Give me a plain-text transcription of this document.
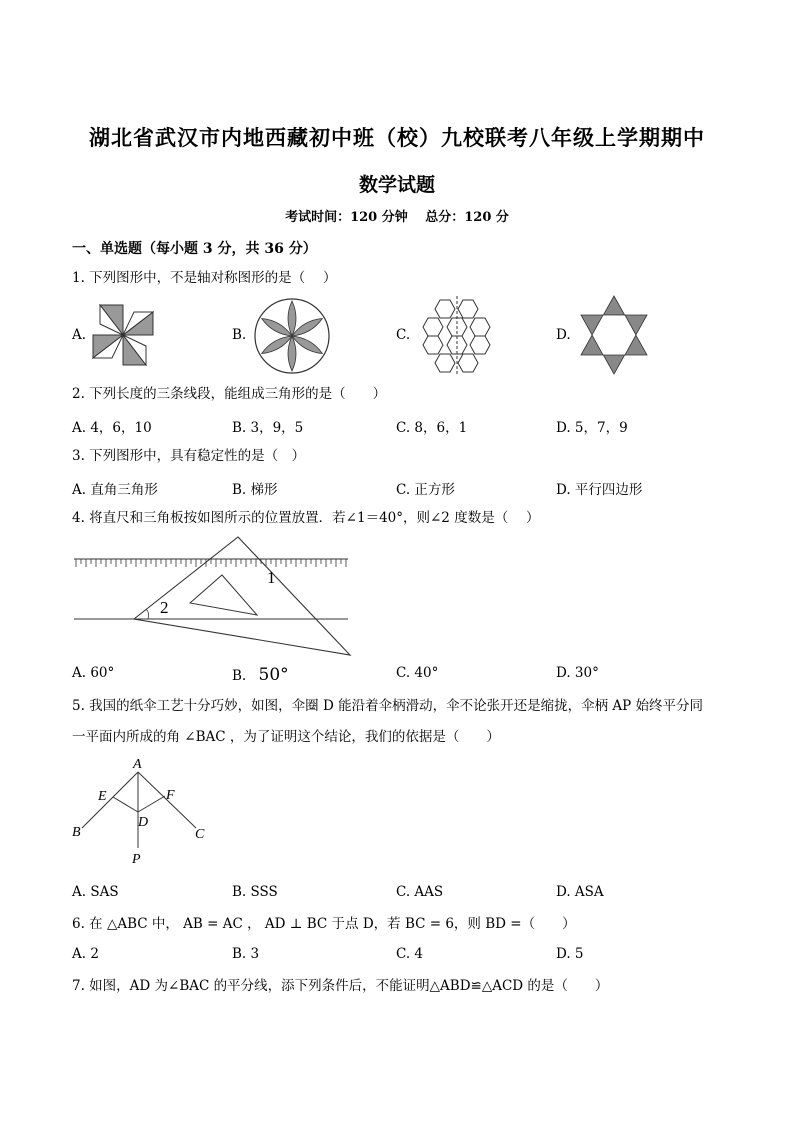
湖北省武汉市内地西藏初中班（校）九校联考八年级上学期期中
数学试题
考试时间：120 分钟　 总分：120 分
一、单选题（每小题 3 分，共 36 分）
1. 下列图形中，不是轴对称图形的是（　 ）
A.	B.	C.	D.
2. 下列长度的三条线段，能组成三角形的是（　　）
A. 4，6，10	B. 3，9，5	C. 8，6，1	D. 5，7，9
3. 下列图形中，具有稳定性的是（　）
A. 直角三角形	B. 梯形	C. 正方形	D. 平行四边形
4. 将直尺和三角板按如图所示的位置放置．若∠1＝40°，则∠2 度数是（　 ）
1
2
A. 60°	B. 50°	C. 40°	D. 30°
5. 我国的纸伞工艺十分巧妙，如图，伞圈 D 能沿着伞柄滑动，伞不论张开还是缩拢，伞柄 AP 始终平分同
一平面内所成的角 ∠BAC ，为了证明这个结论，我们的依据是（　　）
A
E	F
D
B	C
P
A. SAS	B. SSS	C. AAS	D. ASA
6. 在 △ABC 中， AB = AC ， AD ⊥ BC 于点 D，若 BC = 6，则 BD =（　　）
A. 2	B. 3	C. 4	D. 5
7. 如图，AD 为∠BAC 的平分线，添下列条件后，不能证明△ABD≌△ACD 的是（　　）
